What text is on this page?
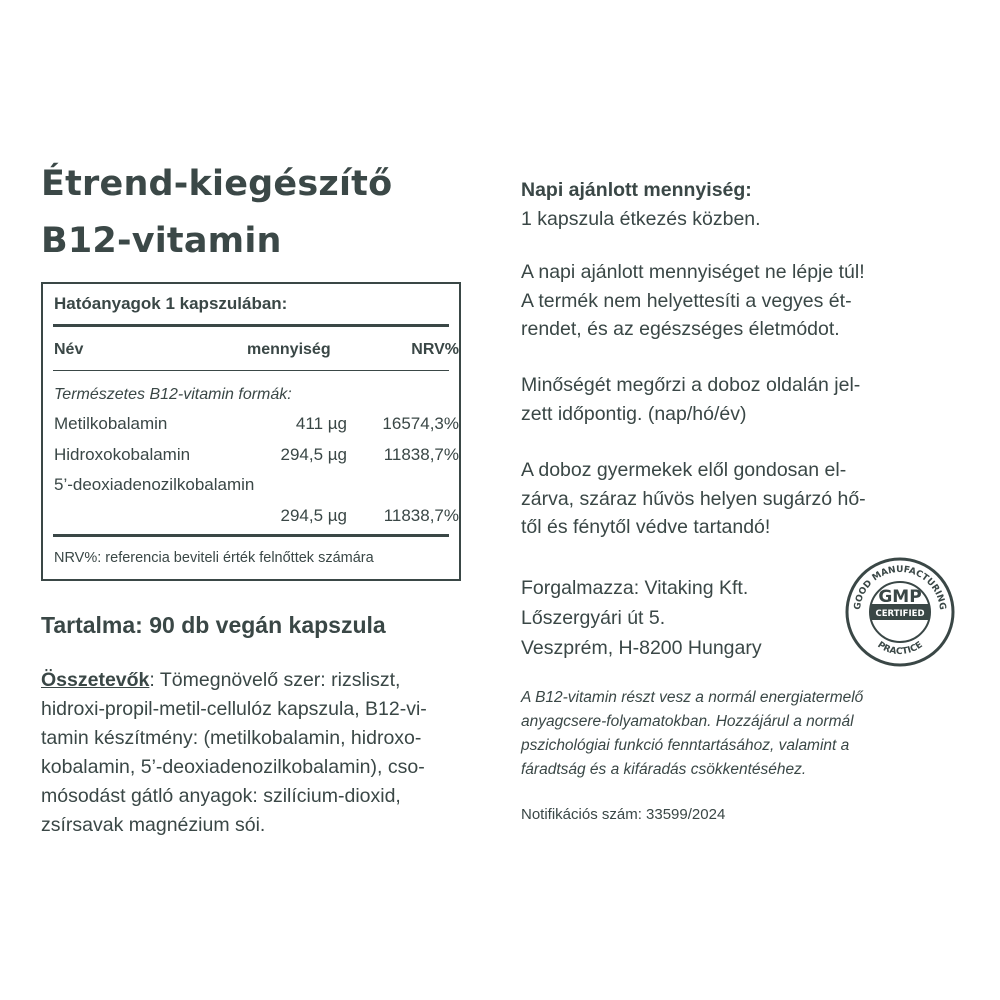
Étrend-kiegészítő
B12-vitamin
Hatóanyagok 1 kapszulában:
Név	mennyiség	NRV%
Természetes B12-vitamin formák:
Metilkobalamin	411 µg	16574,3%
Hidroxokobalamin	294,5 µg	11838,7%
5’-deoxiadenozilkobalamin
294,5 µg	11838,7%
NRV%: referencia beviteli érték felnőttek számára
Tartalma: 90 db vegán kapszula
Összetevők: Tömegnövelő szer: rizsliszt,
hidroxi-propil-metil-cellulóz kapszula, B12-vi-
tamin készítmény: (metilkobalamin, hidroxo-
kobalamin, 5’-deoxiadenozilkobalamin), cso-
mósodást gátló anyagok: szilícium-dioxid,
zsírsavak magnézium sói.
Napi ajánlott mennyiség:
1 kapszula étkezés közben.
A napi ajánlott mennyiséget ne lépje túl!
A termék nem helyettesíti a vegyes ét-
rendet, és az egészséges életmódot.
Minőségét megőrzi a doboz oldalán jel-
zett időpontig. (nap/hó/év)
A doboz gyermekek elől gondosan el-
zárva, száraz hűvös helyen sugárzó hő-
től és fénytől védve tartandó!
Forgalmazza: Vitaking Kft.
Lőszergyári út 5.
Veszprém, H-8200 Hungary
GOOD MANUFACTURING
PRACTICE
GMP
CERTIFIED
A B12-vitamin részt vesz a normál energiatermelő
anyagcsere-folyamatokban. Hozzájárul a normál
pszichológiai funkció fenntartásához, valamint a
fáradtság és a kifáradás csökkentéséhez.
Notifikációs szám: 33599/2024
